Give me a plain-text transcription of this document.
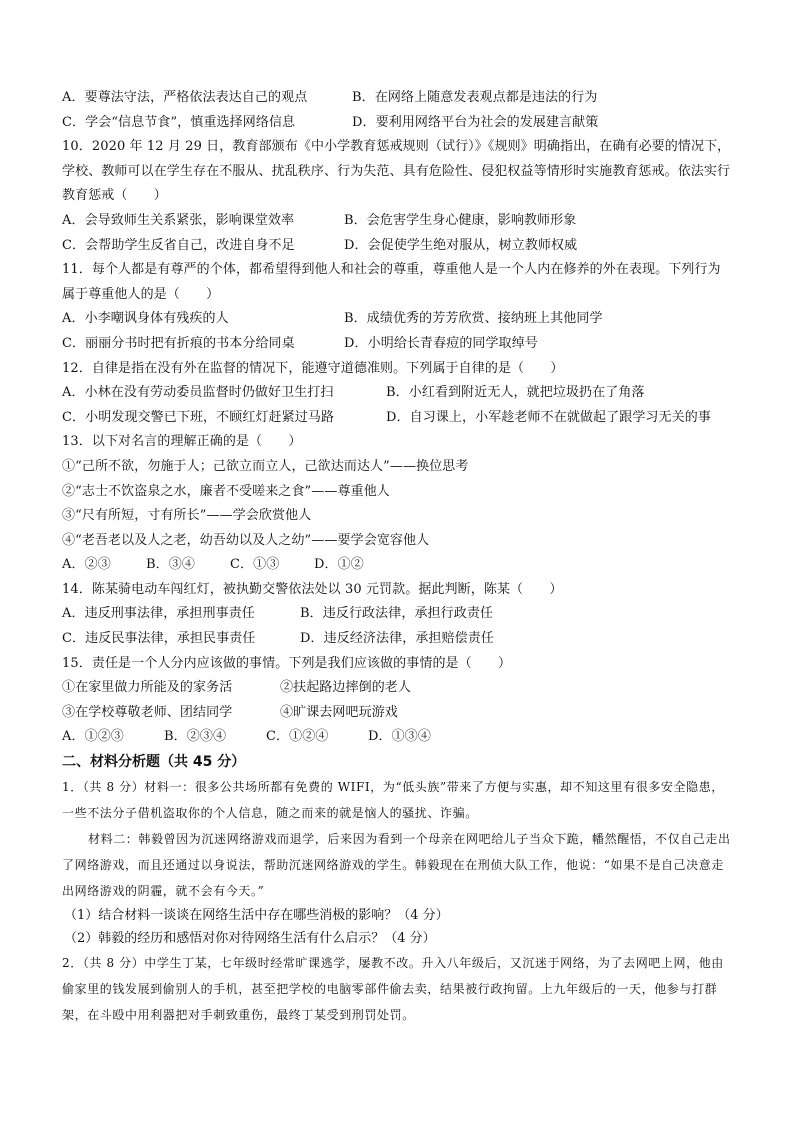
A．要尊法守法，严格依法表达自己的观点	B．在网络上随意发表观点都是违法的行为
C．学会“信息节食”，慎重选择网络信息	D．要利用网络平台为社会的发展建言献策
10．2020 年 12 月 29 日，教育部颁布《中小学教育惩戒规则（试行）》《规则》明确指出，在确有必要的情况下，学校、教师可以在学生存在不服从、扰乱秩序、行为失范、具有危险性、侵犯权益等情形时实施教育惩戒。依法实行教育惩戒（　　）
A．会导致师生关系紧张，影响课堂效率	B．会危害学生身心健康，影响教师形象
C．会帮助学生反省自己，改进自身不足	D．会促使学生绝对服从，树立教师权威
11．每个人都是有尊严的个体，都希望得到他人和社会的尊重，尊重他人是一个人内在修养的外在表现。下列行为属于尊重他人的是（　　）
A．小李嘲讽身体有残疾的人	B．成绩优秀的芳芳欣赏、接纳班上其他同学
C．丽丽分书时把有折痕的书本分给同桌	D．小明给长青春痘的同学取绰号
12．自律是指在没有外在监督的情况下，能遵守道德准则。下列属于自律的是（　　）
A．小林在没有劳动委员监督时仍做好卫生打扫	B．小红看到附近无人，就把垃圾扔在了角落
C．小明发现交警已下班，不顾红灯赶紧过马路	D．自习课上，小军趁老师不在就做起了跟学习无关的事
13．以下对名言的理解正确的是（　　）
①“己所不欲，勿施于人；己欲立而立人，己欲达而达人”——换位思考
②“志士不饮盗泉之水，廉者不受嗟来之食”——尊重他人
③“尺有所短，寸有所长”——学会欣赏他人
④“老吾老以及人之老，幼吾幼以及人之幼”——要学会宽容他人
A．②③	B．③④	C．①③	D．①②
14．陈某骑电动车闯红灯，被执勤交警依法处以 30 元罚款。据此判断，陈某（　　）
A．违反刑事法律，承担刑事责任	B．违反行政法律，承担行政责任
C．违反民事法律，承担民事责任	D．违反经济法律，承担赔偿责任
15．责任是一个人分内应该做的事情。下列是我们应该做的事情的是（　　）
①在家里做力所能及的家务活	②扶起路边摔倒的老人
③在学校尊敬老师、团结同学	④旷课去网吧玩游戏
A．①②③	B．②③④	C．①②④	D．①③④
二、材料分析题（共 45 分）
1．（共 8 分）材料一：很多公共场所都有免费的 WIFI，为“低头族”带来了方便与实惠，却不知这里有很多安全隐患，一些不法分子借机盗取你的个人信息，随之而来的就是恼人的骚扰、诈骗。
材料二：韩毅曾因为沉迷网络游戏而退学，后来因为看到一个母亲在网吧给儿子当众下跪，幡然醒悟，不仅自己走出了网络游戏，而且还通过以身说法，帮助沉迷网络游戏的学生。韩毅现在在刑侦大队工作，他说：“如果不是自己决意走出网络游戏的阴霾，就不会有今天。”
（1）结合材料一谈谈在网络生活中存在哪些消极的影响？（4 分）
（2）韩毅的经历和感悟对你对待网络生活有什么启示？（4 分）
2．（共 8 分）中学生丁某，七年级时经常旷课逃学，屡教不改。升入八年级后，又沉迷于网络，为了去网吧上网，他由偷家里的钱发展到偷别人的手机，甚至把学校的电脑零部件偷去卖，结果被行政拘留。上九年级后的一天，他参与打群架，在斗殴中用利器把对手刺致重伤，最终丁某受到刑罚处罚。
